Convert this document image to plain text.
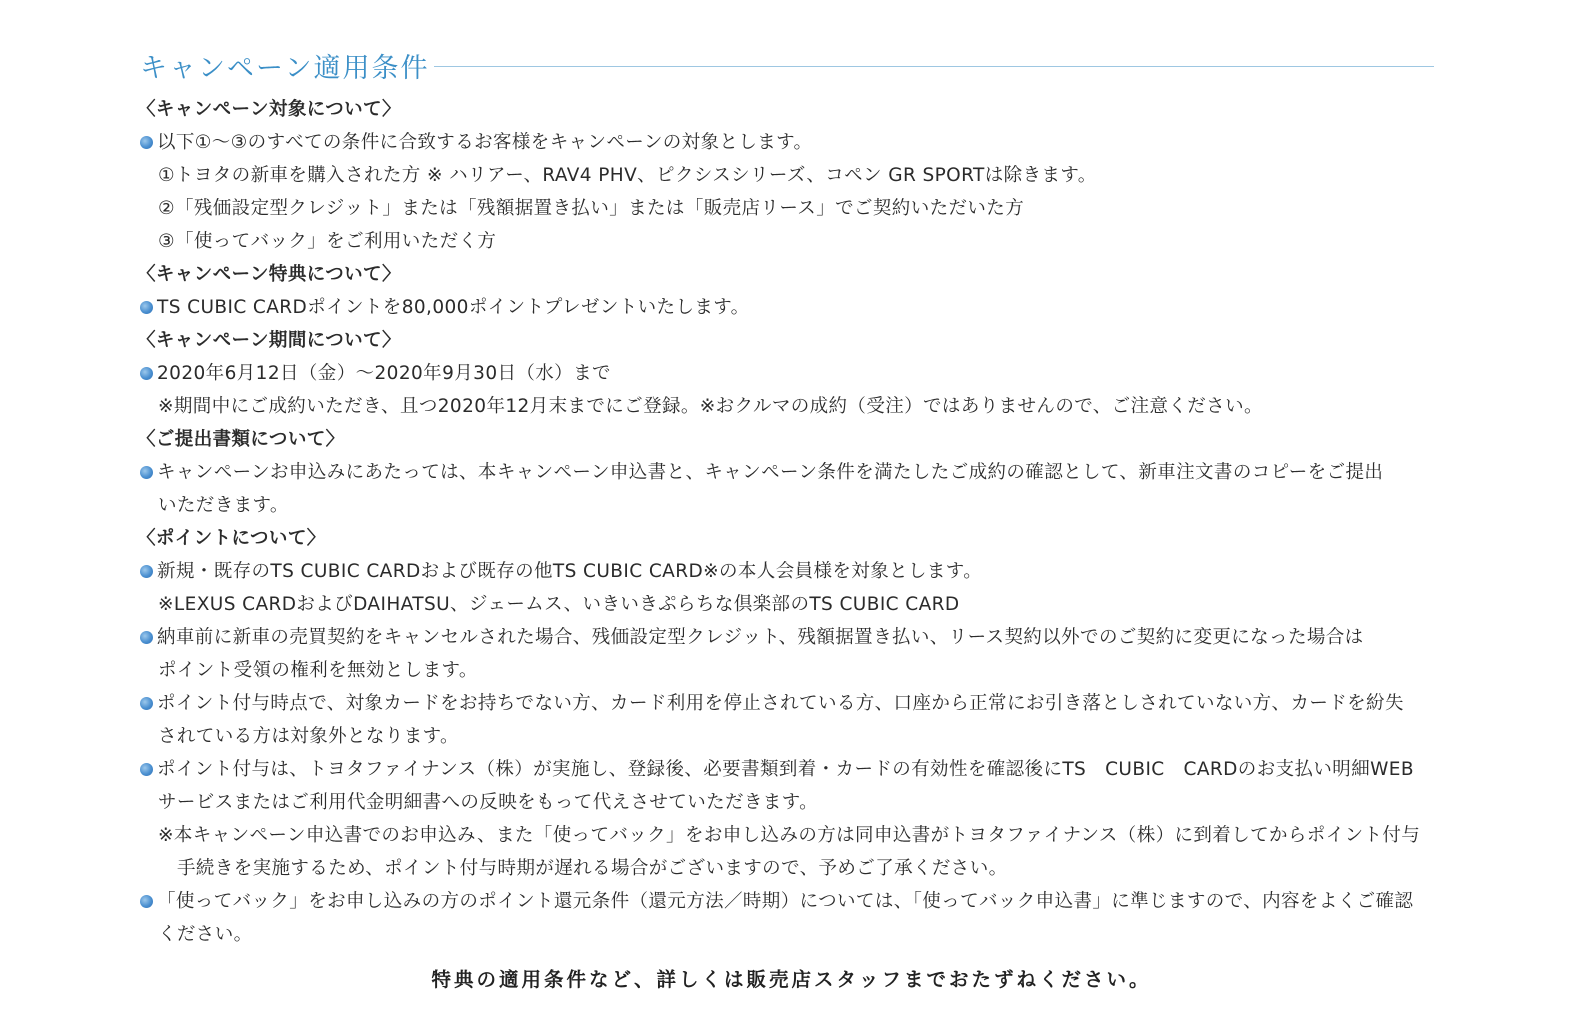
キャンペーン適用条件
〈キャンペーン対象について〉
以下①～③のすべての条件に合致するお客様をキャンペーンの対象とします。
①トヨタの新車を購入された方 ※ ハリアー、RAV4 PHV、ピクシスシリーズ、コペン GR SPORTは除きます。
②「残価設定型クレジット」または「残額据置き払い」または「販売店リース」でご契約いただいた方
③「使ってバック」をご利用いただく方
〈キャンペーン特典について〉
TS CUBIC CARDポイントを80,000ポイントプレゼントいたします。
〈キャンペーン期間について〉
2020年6月12日（金）～2020年9月30日（水）まで
※期間中にご成約いただき、且つ2020年12月末までにご登録。※おクルマの成約（受注）ではありませんので、ご注意ください。
〈ご提出書類について〉
キャンペーンお申込みにあたっては、本キャンペーン申込書と、キャンペーン条件を満たしたご成約の確認として、新車注文書のコピーをご提出
いただきます。
〈ポイントについて〉
新規・既存のTS CUBIC CARDおよび既存の他TS CUBIC CARD※の本人会員様を対象とします。
※LEXUS CARDおよびDAIHATSU、ジェームス、いきいきぷらちな倶楽部のTS CUBIC CARD
納車前に新車の売買契約をキャンセルされた場合、残価設定型クレジット、残額据置き払い、リース契約以外でのご契約に変更になった場合は
ポイント受領の権利を無効とします。
ポイント付与時点で、対象カードをお持ちでない方、カード利用を停止されている方、口座から正常にお引き落としされていない方、カードを紛失
されている方は対象外となります。
ポイント付与は、トヨタファイナンス（株）が実施し、登録後、必要書類到着・カードの有効性を確認後にTS　CUBIC　CARDのお支払い明細WEB
サービスまたはご利用代金明細書への反映をもって代えさせていただきます。
※本キャンペーン申込書でのお申込み、また「使ってバック」をお申し込みの方は同申込書がトヨタファイナンス（株）に到着してからポイント付与
手続きを実施するため、ポイント付与時期が遅れる場合がございますので、予めご了承ください。
「使ってバック」をお申し込みの方のポイント還元条件（還元方法／時期）については、「使ってバック申込書」に準じますので、内容をよくご確認
ください。
特典の適用条件など、詳しくは販売店スタッフまでおたずねください。
